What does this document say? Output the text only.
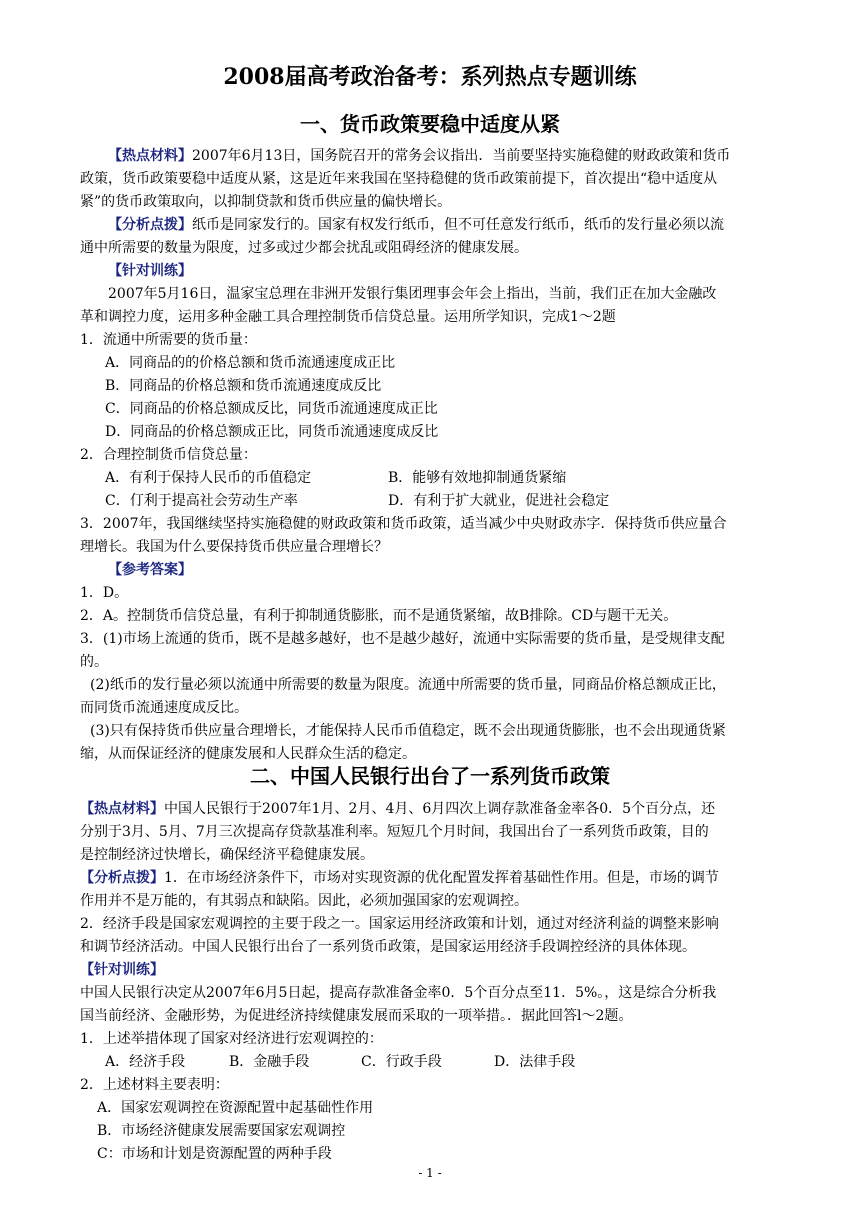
2008届高考政治备考：系列热点专题训练
一、货币政策要稳中适度从紧
【热点材料】2007年6月13日，国务院召开的常务会议指出．当前要坚持实施稳健的财政政策和货币
政策，货币政策要稳中适度从紧，这是近年来我国在坚持稳健的货币政策前提下，首次提出“稳中适度从
紧”的货币政策取向，以抑制贷款和货币供应量的偏快增长。
【分析点拨】纸币是同家发行的。国家有权发行纸币，但不可任意发行纸币，纸币的发行量必须以流
通中所需要的数量为限度，过多或过少都会扰乱或阻碍经济的健康发展。
【针对训练】
2007年5月16日，温家宝总理在非洲开发银行集团理事会年会上指出，当前，我们正在加大金融改
革和调控力度，运用多种金融工具合理控制货币信贷总量。运用所学知识，完成1～2题
1．流通中所需要的货币量：
A．同商品的的价格总额和货币流通速度成正比
B．同商品的价格总额和货币流通速度成反比
C．同商品的价格总额成反比，同货币流通速度成正比
D．同商品的价格总额成正比，同货币流通速度成反比
2．合理控制货币信贷总量：
A．有利于保持人民币的币值稳定	B．能够有效地抑制通货紧缩
C．仃利于提高社会劳动生产率	D．有利于扩大就业，促进社会稳定
3．2007年，我国继续坚持实施稳健的财政政策和货币政策，适当减少中央财政赤字．保持货币供应量合
理增长。我国为什么要保持货币供应量合理增长？
【参考答案】
1．D。
2．A。控制货币信贷总量，有利于抑制通货膨胀，而不是通货紧缩，故B排除。CD与题干无关。
3．(1)市场上流通的货币，既不是越多越好，也不是越少越好，流通中实际需要的货币量，是受规律支配
的。
(2)纸币的发行量必须以流通中所需要的数量为限度。流通中所需要的货币量，同商品价格总额成正比，
而同货币流通速度成反比。
(3)只有保持货币供应量合理增长，才能保持人民币币值稳定，既不会出现通货膨胀，也不会出现通货紧
缩，从而保证经济的健康发展和人民群众生活的稳定。
二、中国人民银行出台了一系列货币政策
【热点材料】中国人民银行于2007年1月、2月、4月、6月四次上调存款准备金率各0．5个百分点，还
分别于3月、5月、7月三次提高存贷款基准利率。短短几个月时间，我国出台了一系列货币政策，目的
是控制经济过快增长，确保经济平稳健康发展。
【分析点拨】1．在市场经济条件下，市场对实现资源的优化配置发挥着基础性作用。但是，市场的调节
作用并不是万能的，有其弱点和缺陷。因此，必须加强国家的宏观调控。
2．经济手段是国家宏观调控的主要于段之一。国家运用经济政策和计划，通过对经济利益的调整来影响
和调节经济活动。中国人民银行出台了一系列货币政策，是国家运用经济手段调控经济的具体体现。
【针对训练】
中国人民银行决定从2007年6月5日起，提高存款准备金率0．5个百分点至11．5%。，这是综合分析我
国当前经济、金融形势，为促进经济持续健康发展而采取的一项举措。．据此回答l～2题。
1．上述举措体现了国家对经济进行宏观调控的：
A．经济手段	B．金融手段	C．行政手段	D．法律手段
2．上述材料主要表明：
A．国家宏观调控在资源配置中起基础性作用
B．市场经济健康发展需要国家宏观调控
C：市场和计划是资源配置的两种手段
- 1 -
